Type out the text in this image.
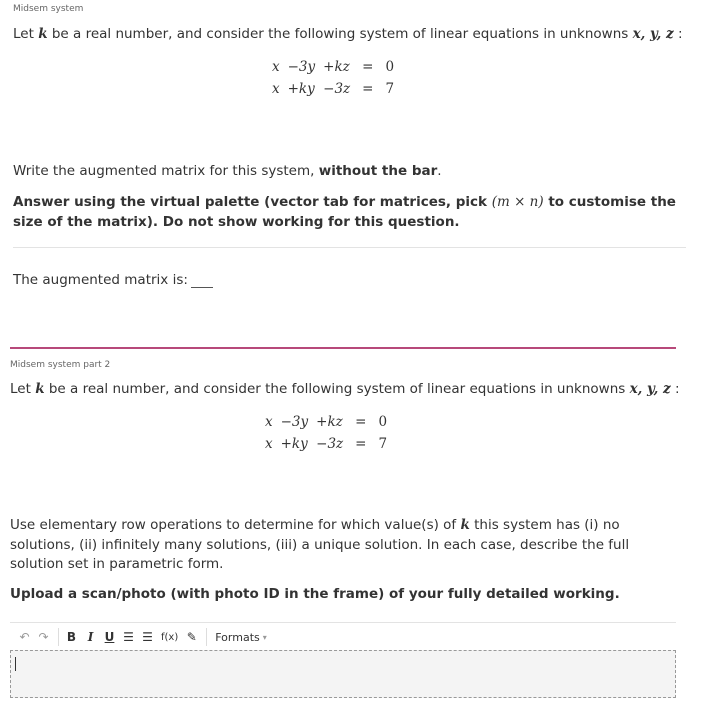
Midsem system
Let k be a real number, and consider the following system of linear equations in unknowns x, y, z :
x	−3y	+kz	=	0
x	+ky	−3z	=	7
Write the augmented matrix for this system, without the bar.
Answer using the virtual palette (vector tab for matrices, pick (m × n) to customise the size of the matrix). Do not show working for this question.
The augmented matrix is:
Midsem system part 2
Let k be a real number, and consider the following system of linear equations in unknowns x, y, z :
x	−3y	+kz	=	0
x	+ky	−3z	=	7
Use elementary row operations to determine for which value(s) of k this system has (i) no solutions, (ii) infinitely many solutions, (iii) a unique solution. In each case, describe the full solution set in parametric form.
Upload a scan/photo (with photo ID in the frame) of your fully detailed working.
↶ ↷	B I U ☰ ☰ f(x) ✎	Formats ▾
